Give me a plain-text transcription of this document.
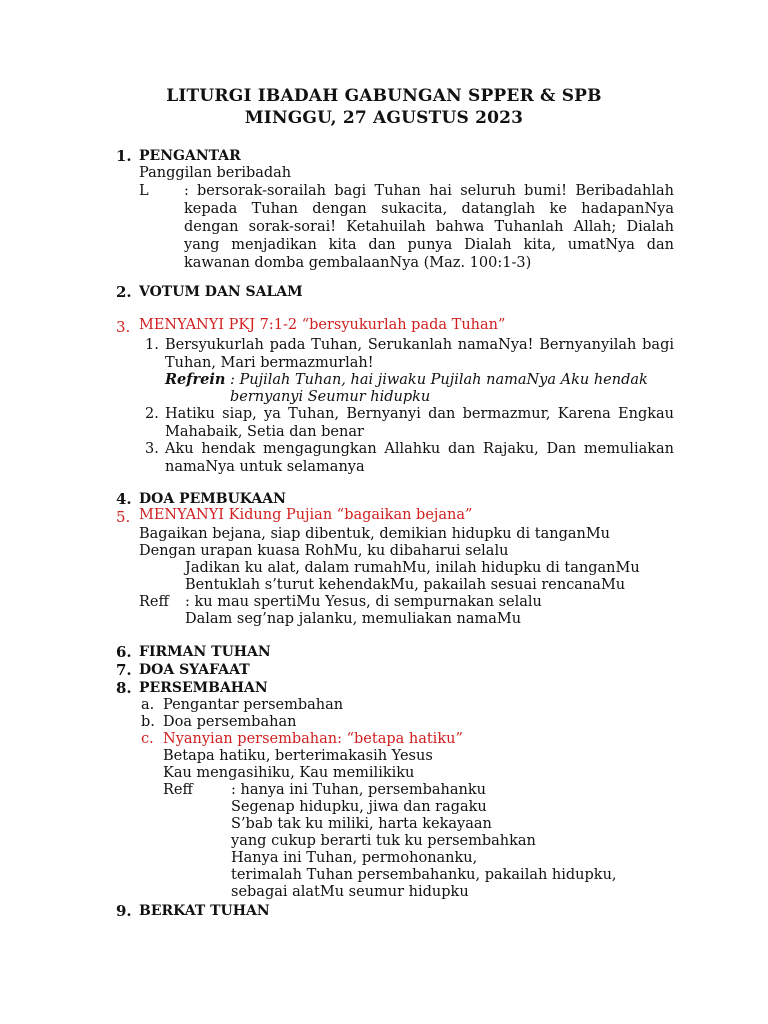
LITURGI IBADAH GABUNGAN SPPER & SPB
MINGGU, 27 AGUSTUS 2023
1. PENGANTAR
Panggilan beribadah
L : bersorak-sorailah bagi Tuhan hai seluruh bumi! Beribadahlah kepada Tuhan dengan sukacita, datanglah ke hadapanNya dengan sorak-sorai! Ketahuilah bahwa Tuhanlah Allah; Dialah yang menjadikan kita dan punya Dialah kita, umatNya dan kawanan domba gembalaanNya (Maz. 100:1-3)
2. VOTUM DAN SALAM
3. MENYANYI PKJ 7:1-2 “bersyukurlah pada Tuhan”
1. Bersyukurlah pada Tuhan, Serukanlah namaNya! Bernyanyilah bagi Tuhan, Mari bermazmurlah!
Refrein : Pujilah Tuhan, hai jiwaku Pujilah namaNya Aku hendak
bernyanyi Seumur hidupku
2. Hatiku siap, ya Tuhan, Bernyanyi dan bermazmur, Karena Engkau Mahabaik, Setia dan benar
3. Aku hendak mengagungkan Allahku dan Rajaku, Dan memuliakan namaNya untuk selamanya
4. DOA PEMBUKAAN
5. MENYANYI Kidung Pujian “bagaikan bejana”
Bagaikan bejana, siap dibentuk, demikian hidupku di tanganMu
Dengan urapan kuasa RohMu, ku dibaharui selalu
Jadikan ku alat, dalam rumahMu, inilah hidupku di tanganMu
Bentuklah s’turut kehendakMu, pakailah sesuai rencanaMu
Reff : ku mau spertiMu Yesus, di sempurnakan selalu
Dalam seg’nap jalanku, memuliakan namaMu
6. FIRMAN TUHAN
7. DOA SYAFAAT
8. PERSEMBAHAN
a. Pengantar persembahan
b. Doa persembahan
c. Nyanyian persembahan: “betapa hatiku”
Betapa hatiku, berterimakasih Yesus
Kau mengasihiku, Kau memilikiku
Reff	: hanya ini Tuhan, persembahanku
Segenap hidupku, jiwa dan ragaku
S’bab tak ku miliki, harta kekayaan
yang cukup berarti tuk ku persembahkan
Hanya ini Tuhan, permohonanku,
terimalah Tuhan persembahanku, pakailah hidupku,
sebagai alatMu seumur hidupku
9. BERKAT TUHAN
